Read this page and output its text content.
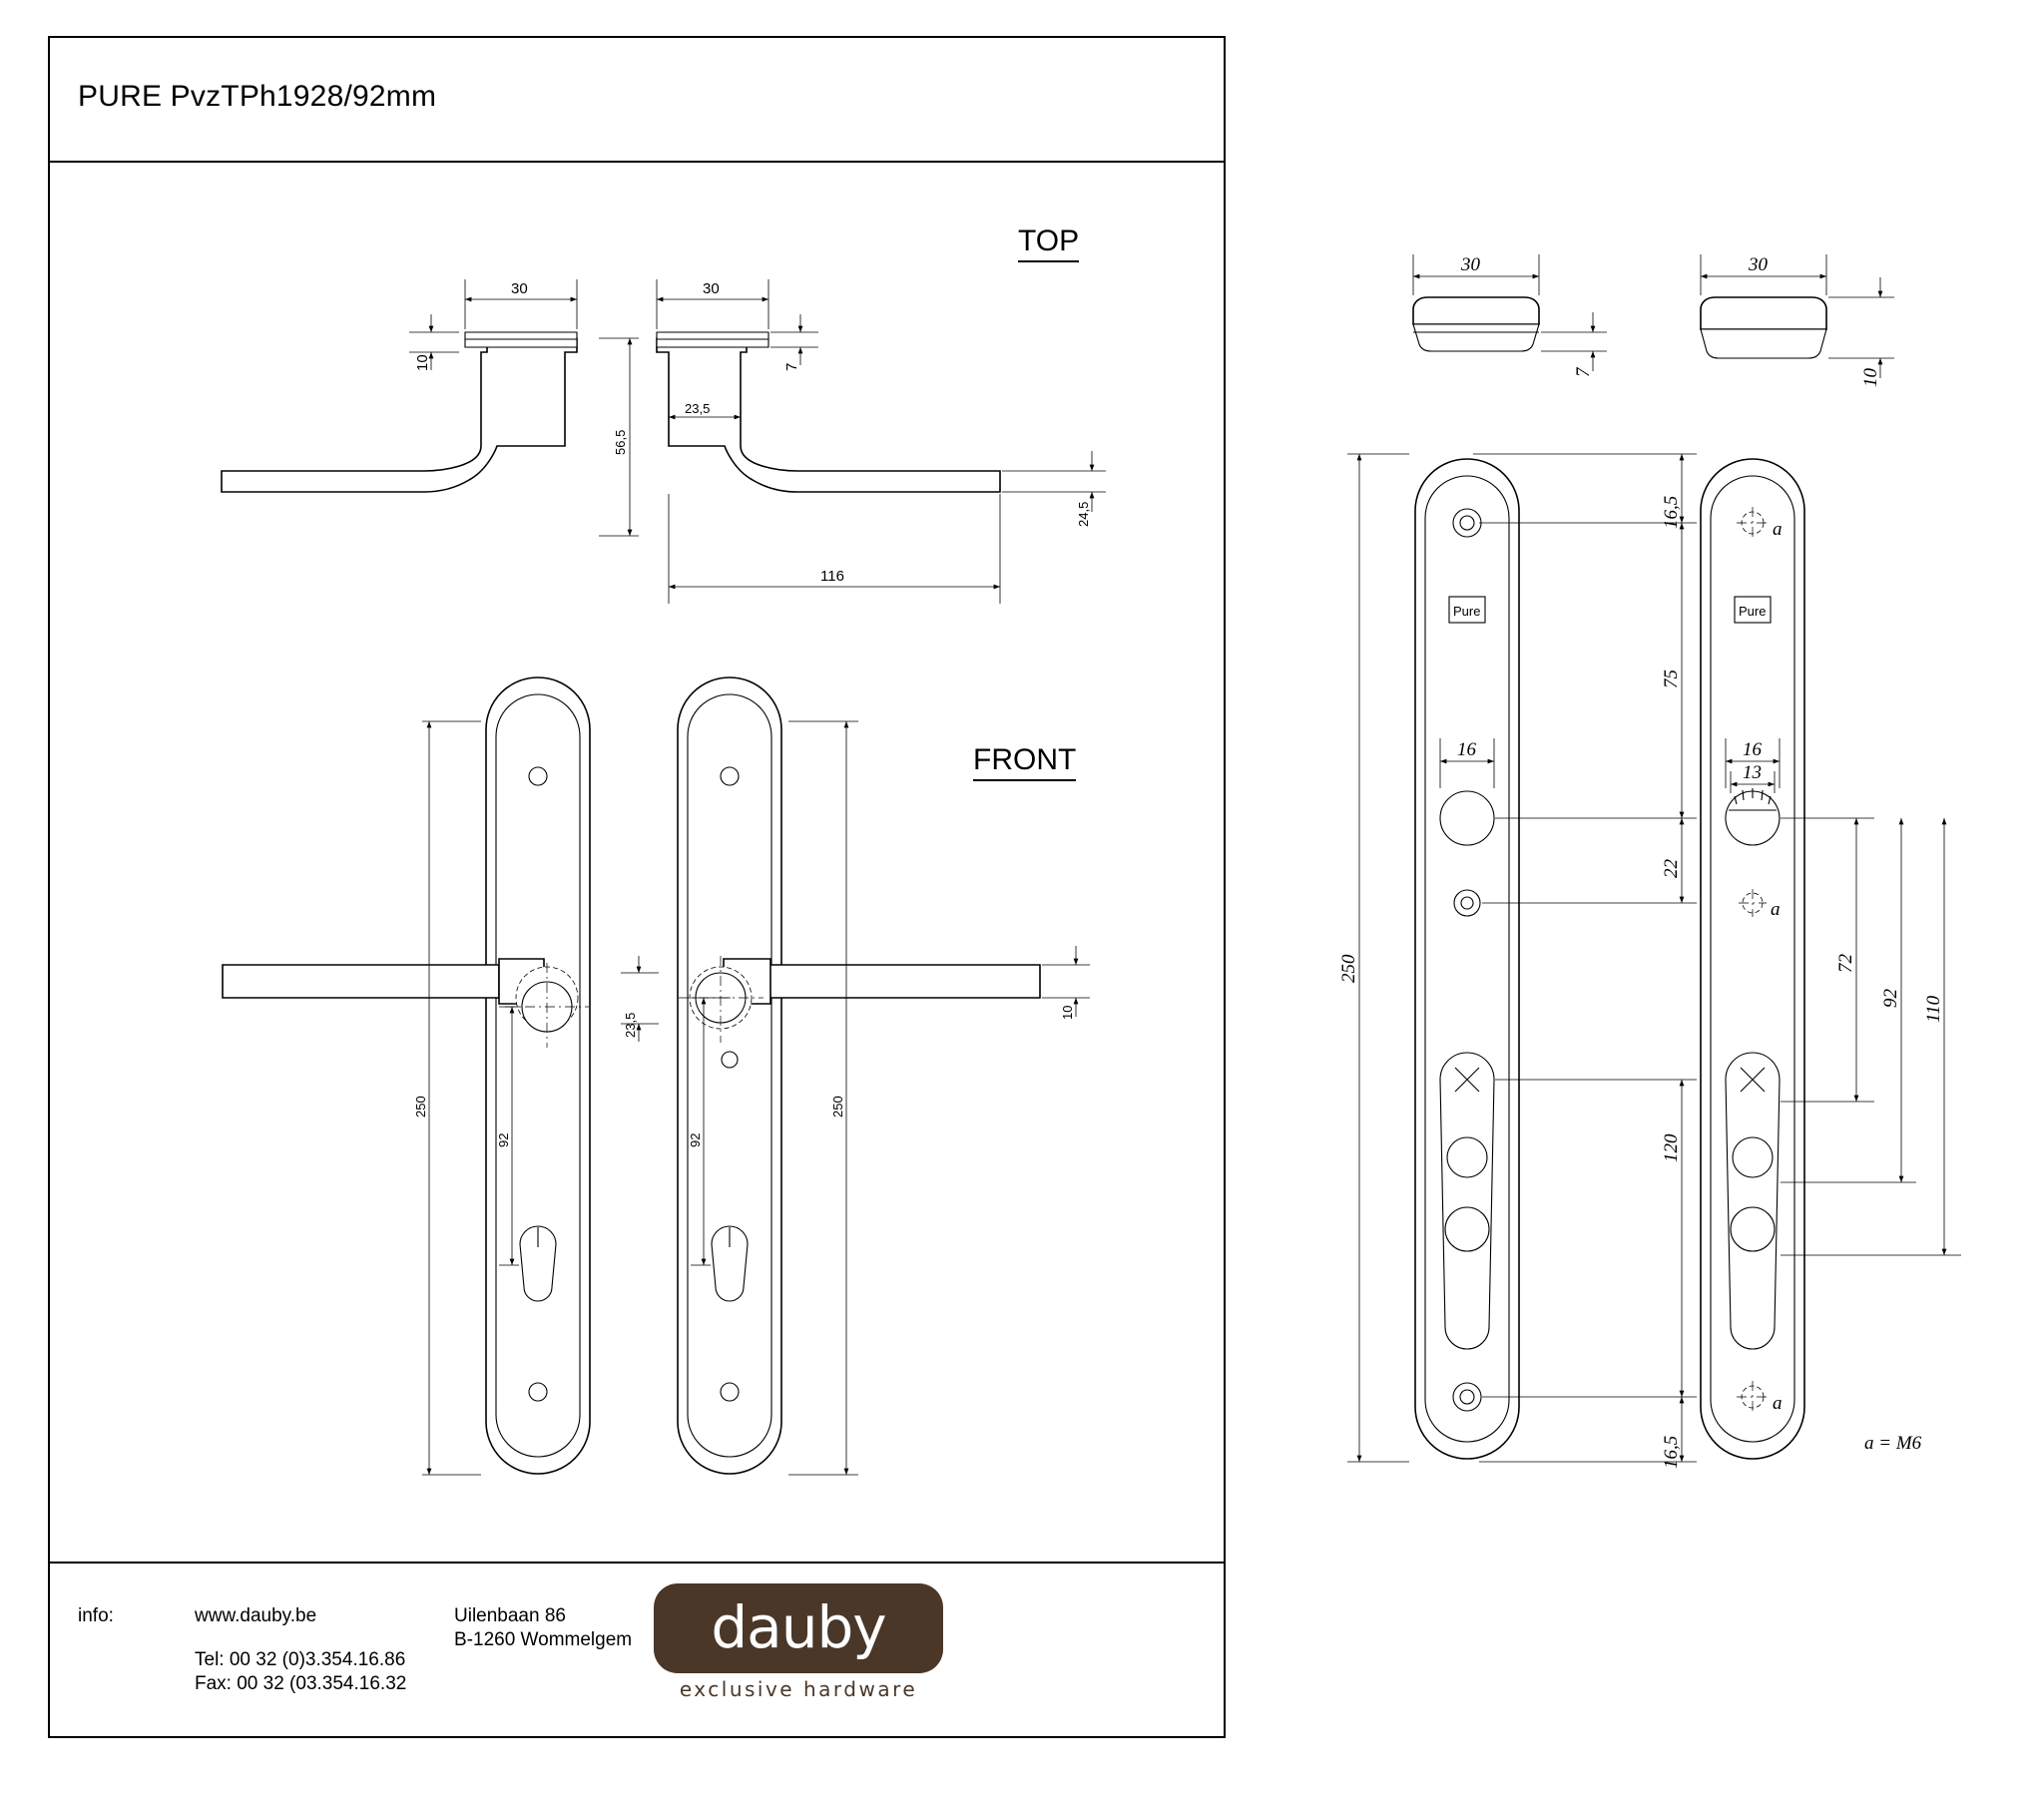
PURE PvzTPh1928/92mm
info:	www.dauby.be
Tel: 00 32 (0)3.354.16.86
Fax: 00 32 (03.354.16.32
Uilenbaan 86
B-1260 Wommelgem	dauby
exclusive hardware
TOP
FRONT
30
10
30
7
23,5
56,5
24,5
116
250
92	92
250
23,5	10
30
7
30
10
Pure
a
Pure
a
a
250
16,5
75
22
120
16,5
16	16
13
72
92 110
a = M6
